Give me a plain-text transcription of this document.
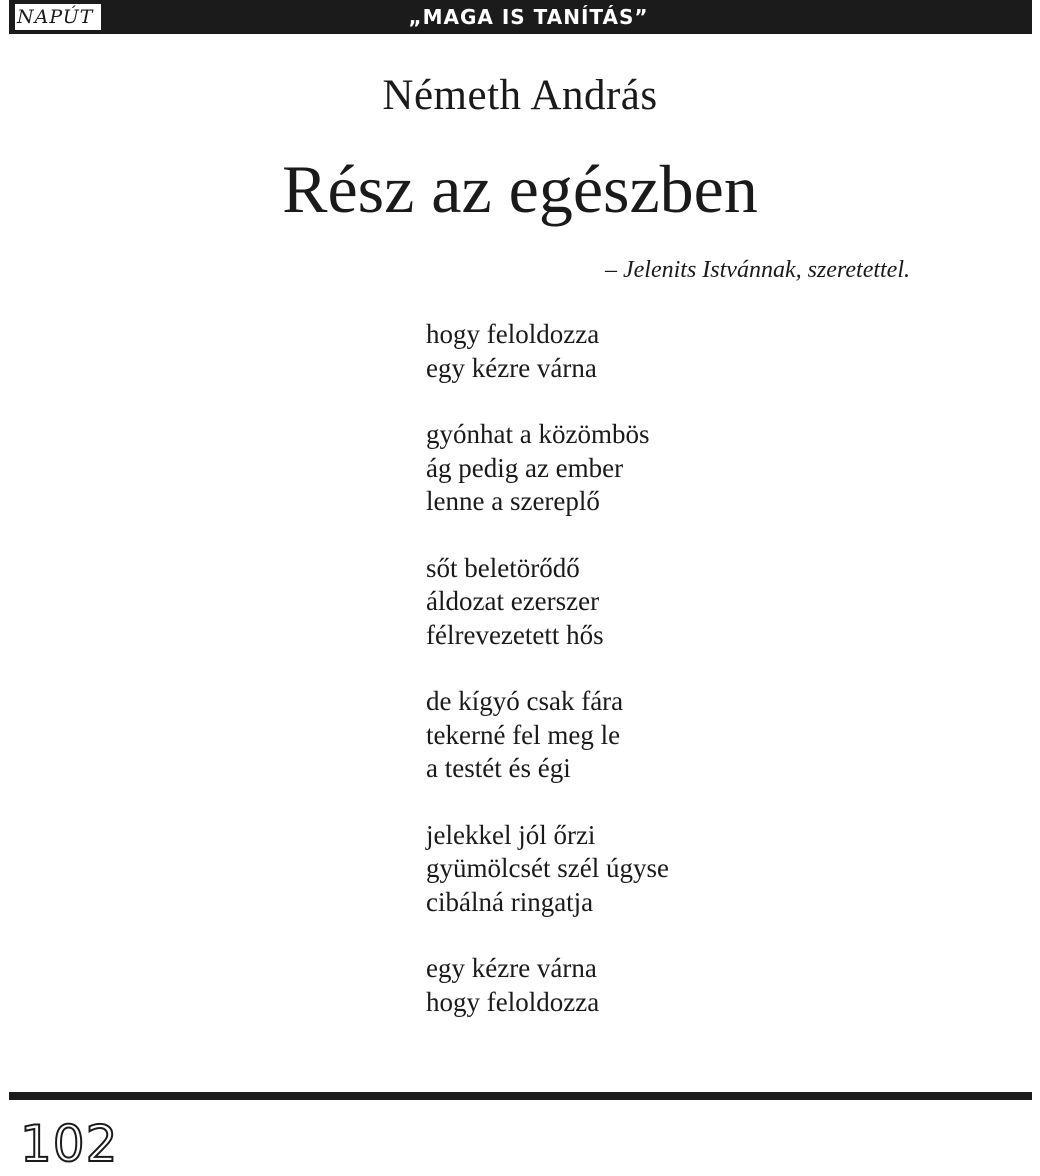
NAPÚT	„MAGA IS TANÍTÁS”
Németh András
Rész az egészben
– Jelenits Istvánnak, szeretettel.
hogy feloldozza
egy kézre várna
gyónhat a közömbös
ág pedig az ember
lenne a szereplő
sőt beletörődő
áldozat ezerszer
félrevezetett hős
de kígyó csak fára
tekerné fel meg le
a testét és égi
jelekkel jól őrzi
gyümölcsét szél úgyse
cibálná ringatja
egy kézre várna
hogy feloldozza
102
